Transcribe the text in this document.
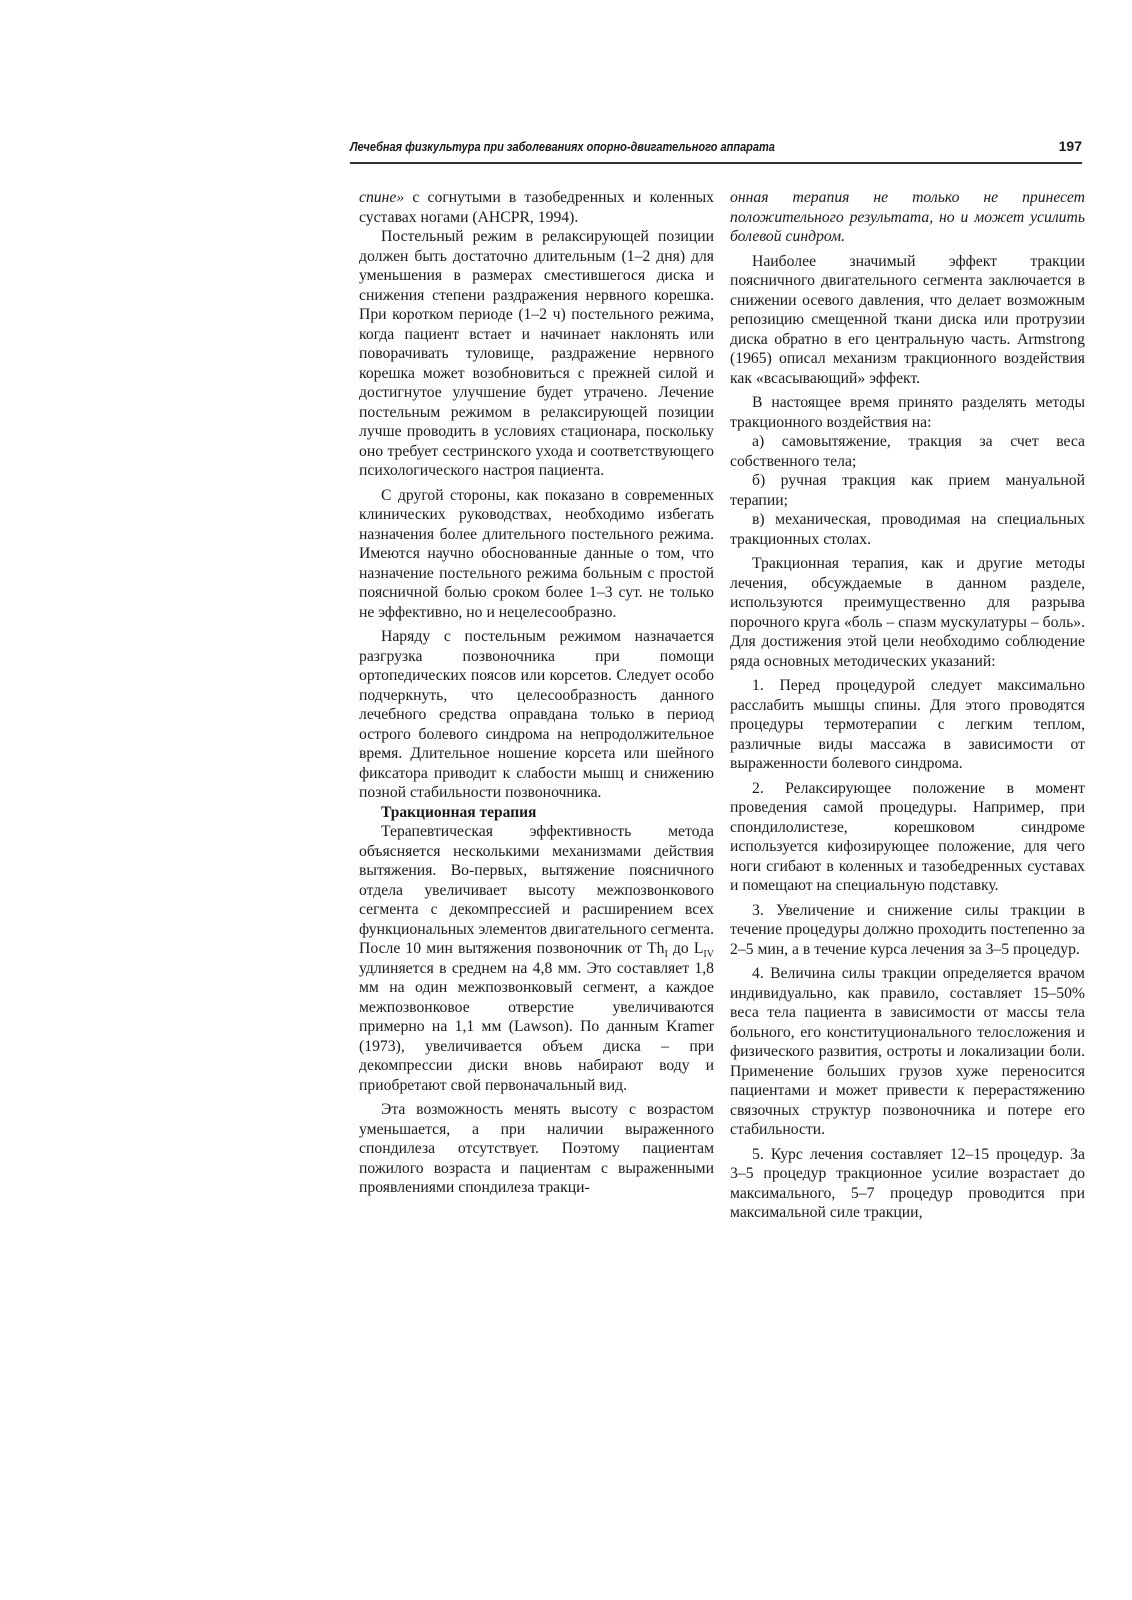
Лечебная физкультура при заболеваниях опорно-двигательного аппарата	197

спине» с согнутыми в тазобедренных и коленных суставах ногами (AHCPR, 1994).

Постельный режим в релаксирующей позиции должен быть достаточно длительным (1–2 дня) для уменьшения в размерах сместившегося диска и снижения степени раздражения нервного корешка. При коротком периоде (1–2 ч) постельного режима, когда пациент встает и начинает наклонять или поворачивать туловище, раздражение нервного корешка может возобновиться с прежней силой и достигнутое улучшение будет утрачено. Лечение постельным режимом в релаксирующей позиции лучше проводить в условиях стационара, поскольку оно требует сестринского ухода и соответствующего психологического настроя пациента.

С другой стороны, как показано в современных клинических руководствах, необходимо избегать назначения более длительного постельного режима. Имеются научно обоснованные данные о том, что назначение постельного режима больным с простой поясничной болью сроком более 1–3 сут. не только не эффективно, но и нецелесообразно.

Наряду с постельным режимом назначается разгрузка позвоночника при помощи ортопедических поясов или корсетов. Следует особо подчеркнуть, что целесообразность данного лечебного средства оправдана только в период острого болевого синдрома на непродолжительное время. Длительное ношение корсета или шейного фиксатора приводит к слабости мышц и снижению позной стабильности позвоночника.

Тракционная терапия

Терапевтическая эффективность метода объясняется несколькими механизмами действия вытяжения. Во-первых, вытяжение поясничного отдела увеличивает высоту межпозвонкового сегмента с декомпрессией и расширением всех функциональных элементов двигательного сегмента. После 10 мин вытяжения позвоночник от $Th_I$ до $L_{IV}$ удлиняется в среднем на 4,8 мм. Это составляет 1,8 мм на один межпозвонковый сегмент, а каждое межпозвонковое отверстие увеличиваются примерно на 1,1 мм (Lawson). По данным Kramer (1973), увеличивается объем диска – при декомпрессии диски вновь набирают воду и приобретают свой первоначальный вид.

Эта возможность менять высоту с возрастом уменьшается, а при наличии выраженного спондилеза отсутствует. Поэтому пациентам пожилого возраста и пациентам с выраженными проявлениями спондилеза тракци-

онная терапия не только не принесет положительного результата, но и может усилить болевой синдром.

Наиболее значимый эффект тракции поясничного двигательного сегмента заключается в снижении осевого давления, что делает возможным репозицию смещенной ткани диска или протрузии диска обратно в его центральную часть. Armstrong (1965) описал механизм тракционного воздействия как «всасывающий» эффект.

В настоящее время принято разделять методы тракционного воздействия на:

а) самовытяжение, тракция за счет веса собственного тела;

б) ручная тракция как прием мануальной терапии;

в) механическая, проводимая на специальных тракционных столах.

Тракционная терапия, как и другие методы лечения, обсуждаемые в данном разделе, используются преимущественно для разрыва порочного круга «боль – спазм мускулатуры – боль». Для достижения этой цели необходимо соблюдение ряда основных методических указаний:

1. Перед процедурой следует максимально расслабить мышцы спины. Для этого проводятся процедуры термотерапии с легким теплом, различные виды массажа в зависимости от выраженности болевого синдрома.

2. Релаксирующее положение в момент проведения самой процедуры. Например, при спондилолистезе, корешковом синдроме используется кифозирующее положение, для чего ноги сгибают в коленных и тазобедренных суставах и помещают на специальную подставку.

3. Увеличение и снижение силы тракции в течение процедуры должно проходить постепенно за 2–5 мин, а в течение курса лечения за 3–5 процедур.

4. Величина силы тракции определяется врачом индивидуально, как правило, составляет 15–50% веса тела пациента в зависимости от массы тела больного, его конституционального телосложения и физического развития, остроты и локализации боли. Применение больших грузов хуже переносится пациентами и может привести к перерастяжению связочных структур позвоночника и потере его стабильности.

5. Курс лечения составляет 12–15 процедур. За 3–5 процедур тракционное усилие возрастает до максимального, 5–7 процедур проводится при максимальной силе тракции,
